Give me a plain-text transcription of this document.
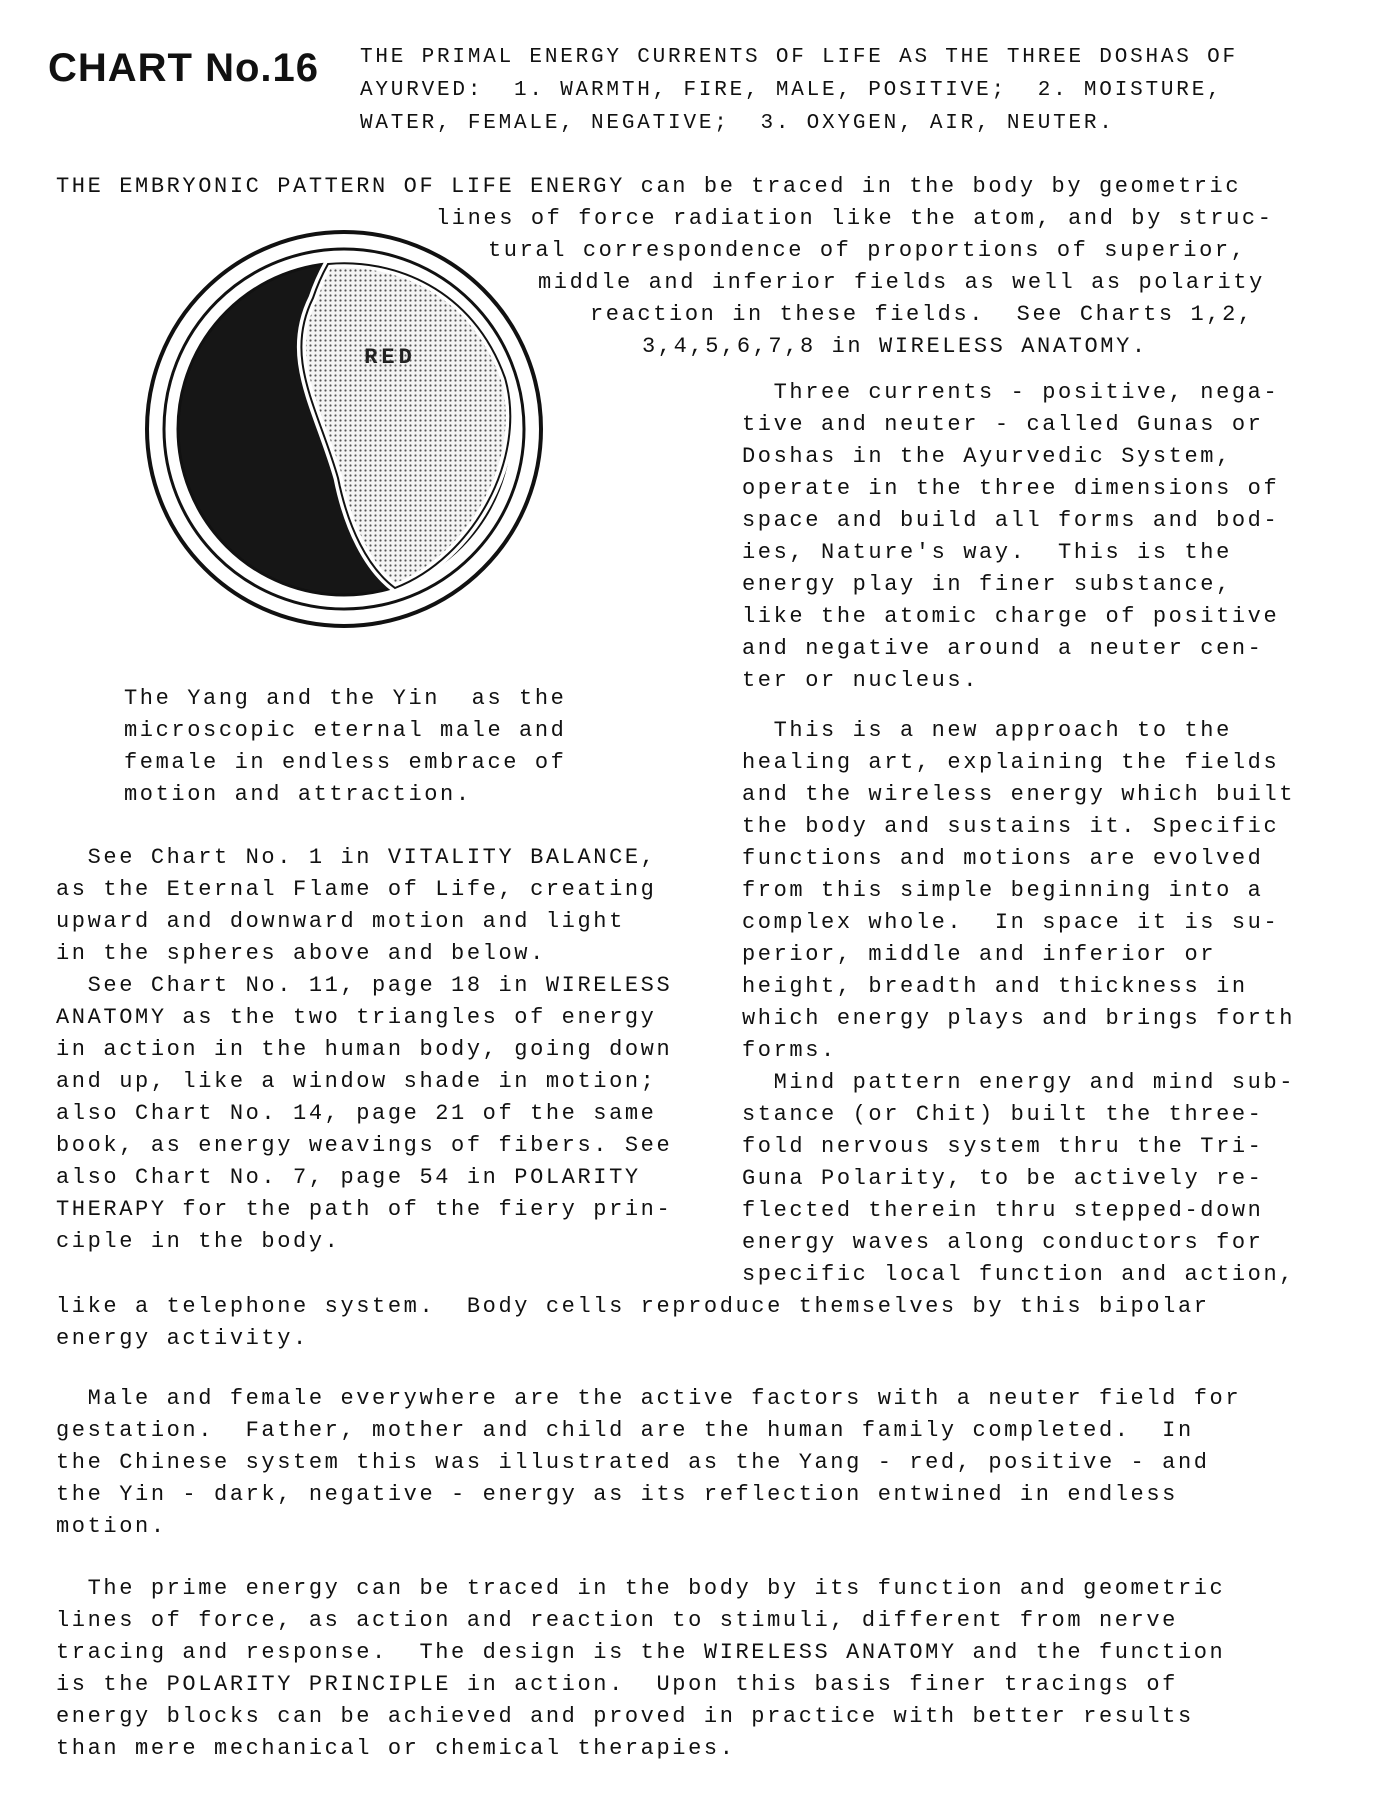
CHART No.16 THE PRIMAL ENERGY CURRENTS OF LIFE AS THE THREE DOSHAS OF
AYURVED:  1. WARMTH, FIRE, MALE, POSITIVE;  2. MOISTURE,
WATER, FEMALE, NEGATIVE;  3. OXYGEN, AIR, NEUTER.
THE EMBRYONIC PATTERN OF LIFE ENERGY can be traced in the body by geometric
lines of force radiation like the atom, and by struc-
tural correspondence of proportions of superior,
middle and inferior fields as well as polarity
reaction in these fields.  See Charts 1,2,
3,4,5,6,7,8 in WIRELESS ANATOMY.
RED
The Yang and the Yin  as the
microscopic eternal male and
female in endless embrace of
motion and attraction.
See Chart No. 1 in VITALITY BALANCE,
as the Eternal Flame of Life, creating
upward and downward motion and light
in the spheres above and below.
See Chart No. 11, page 18 in WIRELESS
ANATOMY as the two triangles of energy
in action in the human body, going down
and up, like a window shade in motion;
also Chart No. 14, page 21 of the same
book, as energy weavings of fibers. See
also Chart No. 7, page 54 in POLARITY
THERAPY for the path of the fiery prin-
ciple in the body.
Three currents - positive, nega-
tive and neuter - called Gunas or
Doshas in the Ayurvedic System,
operate in the three dimensions of
space and build all forms and bod-
ies, Nature's way.  This is the
energy play in finer substance,
like the atomic charge of positive
and negative around a neuter cen-
ter or nucleus.
This is a new approach to the
healing art, explaining the fields
and the wireless energy which built
the body and sustains it. Specific
functions and motions are evolved
from this simple beginning into a
complex whole.  In space it is su-
perior, middle and inferior or
height, breadth and thickness in
which energy plays and brings forth
forms.
Mind pattern energy and mind sub-
stance (or Chit) built the three-
fold nervous system thru the Tri-
Guna Polarity, to be actively re-
flected therein thru stepped-down
energy waves along conductors for
specific local function and action,
like a telephone system.  Body cells reproduce themselves by this bipolar
energy activity.
Male and female everywhere are the active factors with a neuter field for
gestation.  Father, mother and child are the human family completed.  In
the Chinese system this was illustrated as the Yang - red, positive - and
the Yin - dark, negative - energy as its reflection entwined in endless
motion.
The prime energy can be traced in the body by its function and geometric
lines of force, as action and reaction to stimuli, different from nerve
tracing and response.  The design is the WIRELESS ANATOMY and the function
is the POLARITY PRINCIPLE in action.  Upon this basis finer tracings of
energy blocks can be achieved and proved in practice with better results
than mere mechanical or chemical therapies.
